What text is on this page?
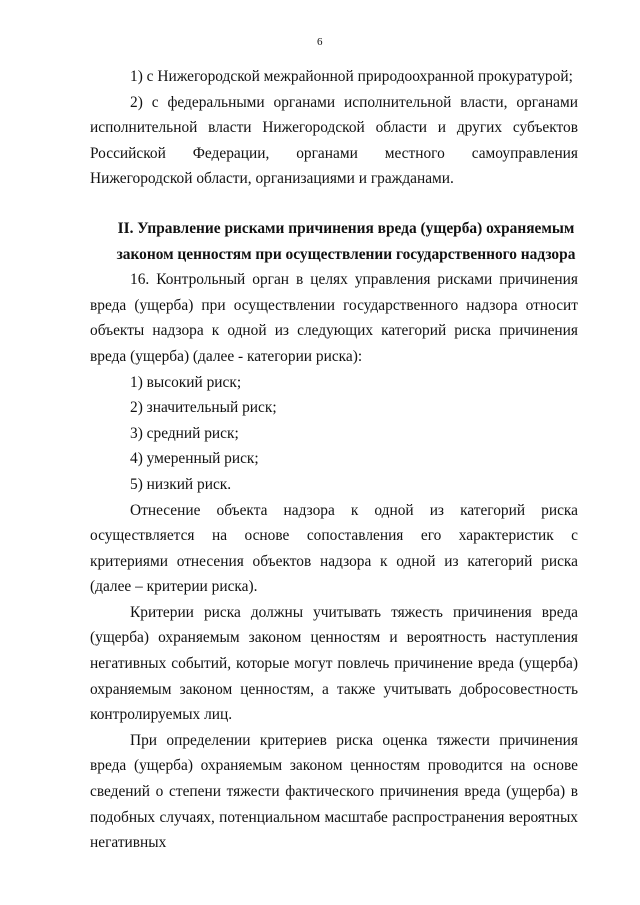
6

1) с Нижегородской межрайонной природоохранной прокуратурой;

2) с федеральными органами исполнительной власти, органами исполнительной власти Нижегородской области и других субъектов Российской Федерации, органами местного самоуправления Нижегородской области, организациями и гражданами.

II. Управление рисками причинения вреда (ущерба) охраняемым законом ценностям при осуществлении государственного надзора

16. Контрольный орган в целях управления рисками причинения вреда (ущерба) при осуществлении государственного надзора относит объекты надзора к одной из следующих категорий риска причинения вреда (ущерба) (далее - категории риска):

1) высокий риск;

2) значительный риск;

3) средний риск;

4) умеренный риск;

5) низкий риск.

Отнесение объекта надзора к одной из категорий риска осуществляется на основе сопоставления его характеристик с критериями отнесения объектов надзора к одной из категорий риска (далее – критерии риска).

Критерии риска должны учитывать тяжесть причинения вреда (ущерба) охраняемым законом ценностям и вероятность наступления негативных событий, которые могут повлечь причинение вреда (ущерба) охраняемым законом ценностям, а также учитывать добросовестность контролируемых лиц.

При определении критериев риска оценка тяжести причинения вреда (ущерба) охраняемым законом ценностям проводится на основе сведений о степени тяжести фактического причинения вреда (ущерба) в подобных случаях, потенциальном масштабе распространения вероятных негативных
